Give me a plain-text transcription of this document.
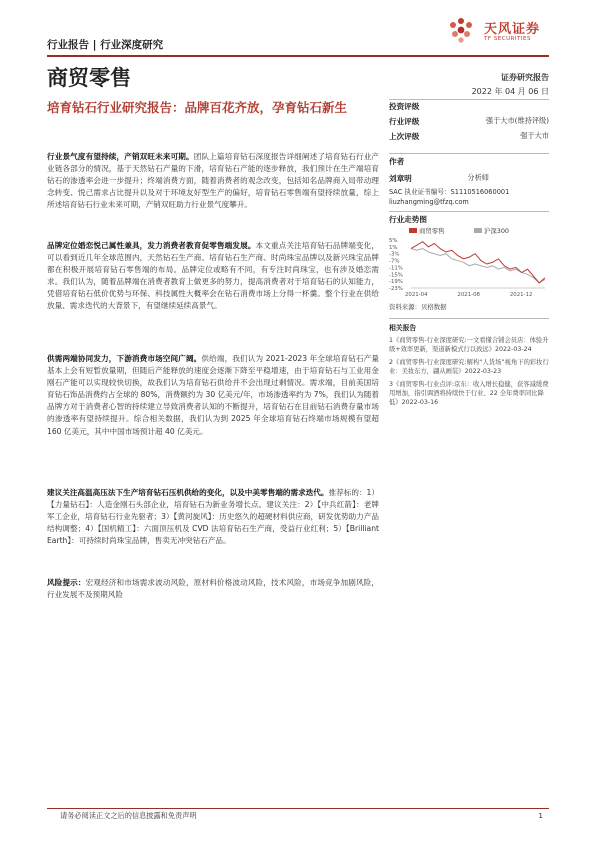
行业报告 | 行业深度研究
天风证券
TF SECURITIES
商贸零售	证券研究报告
2022 年 04 月 06 日
培育钻石行业研究报告：品牌百花齐放，孕育钻石新生
行业景气度有望持续，产销双旺未来可期。团队上篇培育钻石深度报告详细阐述了培育钻石行业产业链各部分的情况，基于天然钻石产量的下滑，培育钻石产能的逐步释放，我们预计在生产端培育钻石的渗透率会进一步提升；终端消费方面，随着消费者的观念改变，包括知名品牌商入局带动理念转变、悦己需求占比提升以及对于环境友好型生产的偏好，培育钻石零售端有望持续放量，综上所述培育钻石行业未来可期，产销双旺助力行业景气度攀升。
品牌定位婚恋悦己属性兼具，发力消费者教育促零售端发展。本文重点关注培育钻石品牌端变化，可以看到近几年全球范围内，天然钻石生产商、培育钻石生产商、时尚珠宝品牌以及新兴珠宝品牌都在积极开展培育钻石零售端的布局。品牌定位或略有不同，有专注时尚珠宝，也有涉及婚恋需求。我们认为，随着品牌端在消费者教育上做更多的努力，提高消费者对于培育钻石的认知能力，凭借培育钻石低价优势与环保、科技属性大概率会在钻石消费市场上分得一杯羹。整个行业在供给放量、需求迭代的大背景下，有望继续延续高景气。
供需两端协同发力，下游消费市场空间广阔。供给端，我们认为 2021-2023 年全球培育钻石产量基本上会有短暂放量期，但随后产能释放的速度会逐渐下降至平稳增速，由于培育钻石与工业用金刚石产能可以实现较快切换，故我们认为培育钻石供给并不会出现过剩情况。需求端，目前美国培育钻石饰品消费约占全球的 80%，消费额约为 30 亿美元/年，市场渗透率约为 7%，我们认为随着品牌方对于消费者心智的持续建立导致消费者认知的不断提升，培育钻石在目前钻石消费存量市场的渗透率有望持续提升。综合相关数据，我们认为到 2025 年全球培育钻石终端市场规模有望超 160 亿美元，其中中国市场预计超 40 亿美元。
建议关注高温高压法下生产培育钻石压机供给的变化，以及中美零售端的需求迭代。推荐标的：1）【力量钻石】：人造金刚石头部企业，培育钻石为新业务增长点。建议关注：2）【中兵红箭】：老牌军工企业，培育钻石行业先驱者；3）【黄河旋风】：历史悠久的超硬材料供应商，研发优势助力产品结构调整；4）【国机精工】：六面顶压机及 CVD 法培育钻石生产商，受益行业红利；5）【Brilliant Earth】：可持续时尚珠宝品牌，售卖无冲突钻石产品。
风险提示：宏观经济和市场需求波动风险，原材料价格波动风险，技术风险，市场竞争加剧风险，行业发展不及预期风险
投资评级
行业评级	强于大市(维持评级)
上次评级	强于大市
作者
刘章明	分析师
SAC 执业证书编号：S1110516060001
liuzhangming@tfzq.com
行业走势图
商贸零售	沪深300
5%
1%
-3%
-7%
-11%
-15%
-19%
-23%
2021-04	2021-08	2021-12
资料来源：贝格数据
相关报告
1《商贸零售-行业深度研究:一文看懂合铺会员店：体验升级+效率更新，渠道新模式行以致远》2022-03-24
2《商贸零售-行业深度研究:解构“人货场”视角下的彩妆行业：美妆东方，翩从画装》2022-03-23
3《商贸零售-行业点评:京东：收入增长稳健，获客减缓费用增加，指引调酒将持续快于行业、22 全年费率同比降低》2022-03-16
请务必阅读正文之后的信息披露和免责声明	1
